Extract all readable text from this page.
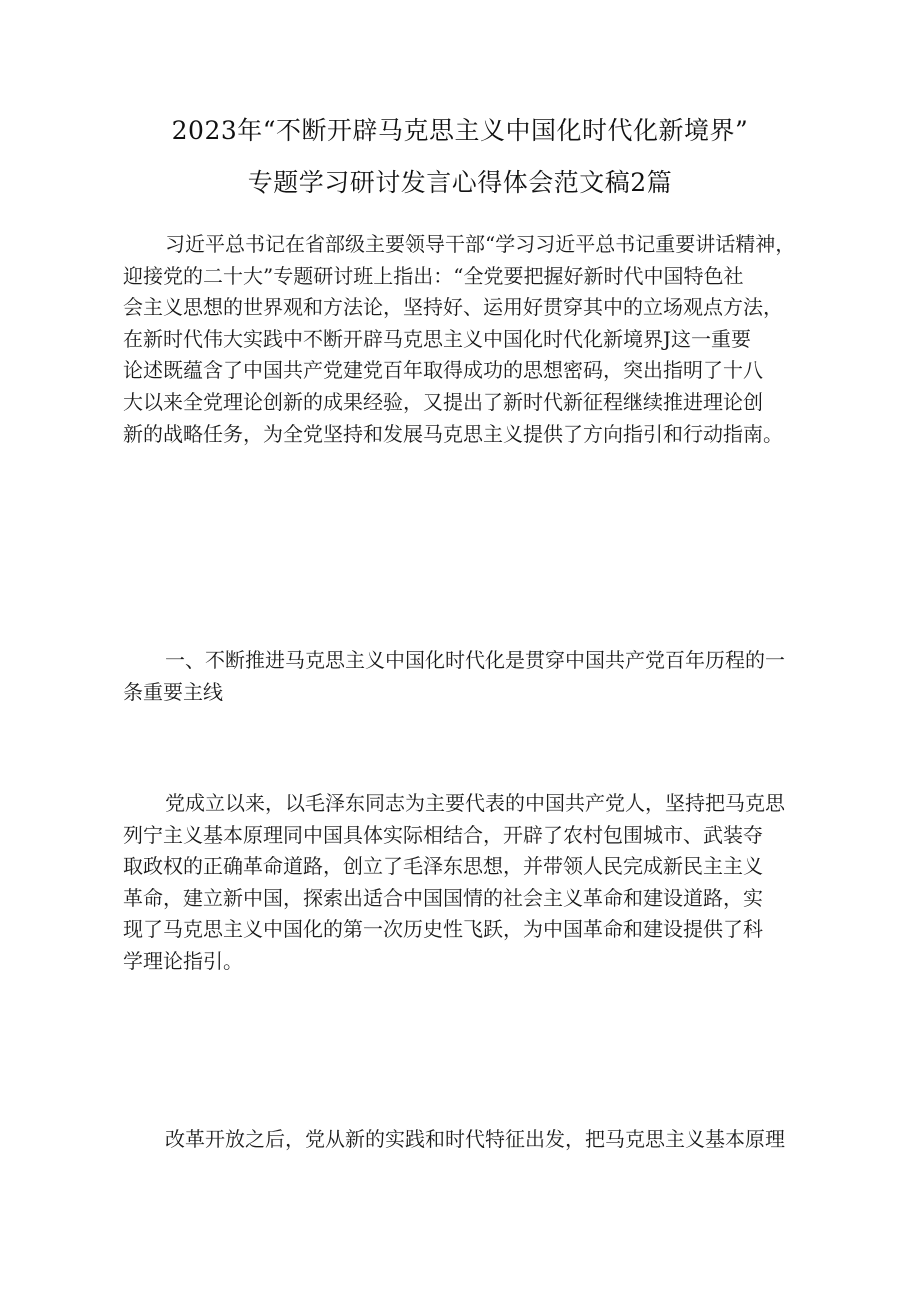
2023年“不断开辟马克思主义中国化时代化新境界”
专题学习研讨发言心得体会范文稿2篇
习近平总书记在省部级主要领导干部“学习习近平总书记重要讲话精神，
迎接党的二十大”专题研讨班上指出：“全党要把握好新时代中国特色社
会主义思想的世界观和方法论，坚持好、运用好贯穿其中的立场观点方法，
在新时代伟大实践中不断开辟马克思主义中国化时代化新境界J这一重要
论述既蕴含了中国共产党建党百年取得成功的思想密码，突出指明了十八
大以来全党理论创新的成果经验，又提出了新时代新征程继续推进理论创
新的战略任务，为全党坚持和发展马克思主义提供了方向指引和行动指南。
一、不断推进马克思主义中国化时代化是贯穿中国共产党百年历程的一
条重要主线
党成立以来，以毛泽东同志为主要代表的中国共产党人，坚持把马克思
列宁主义基本原理同中国具体实际相结合，开辟了农村包围城市、武装夺
取政权的正确革命道路，创立了毛泽东思想，并带领人民完成新民主主义
革命，建立新中国，探索出适合中国国情的社会主义革命和建设道路，实
现了马克思主义中国化的第一次历史性飞跃，为中国革命和建设提供了科
学理论指引。
改革开放之后，党从新的实践和时代特征出发，把马克思主义基本原理
